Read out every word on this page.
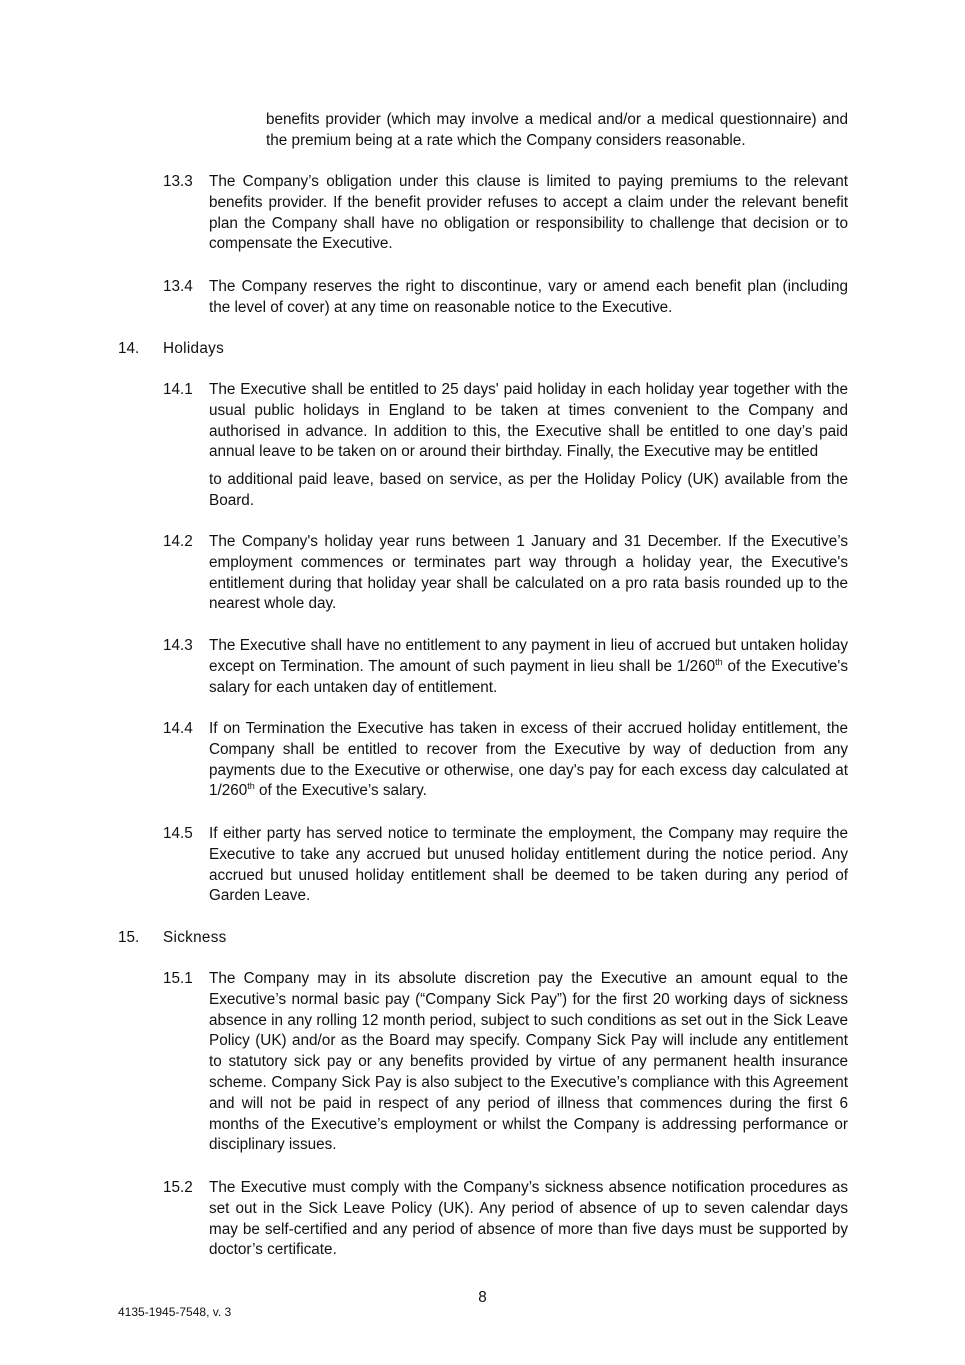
benefits provider (which may involve a medical and/or a medical questionnaire) and the premium being at a rate which the Company considers reasonable.
13.3 The Company’s obligation under this clause is limited to paying premiums to the relevant benefits provider. If the benefit provider refuses to accept a claim under the relevant benefit plan the Company shall have no obligation or responsibility to challenge that decision or to compensate the Executive.
13.4 The Company reserves the right to discontinue, vary or amend each benefit plan (including the level of cover) at any time on reasonable notice to the Executive.
14. Holidays
14.1 The Executive shall be entitled to 25 days' paid holiday in each holiday year together with the usual public holidays in England to be taken at times convenient to the Company and authorised in advance. In addition to this, the Executive shall be entitled to one day’s paid annual leave to be taken on or around their birthday. Finally, the Executive may be entitled
to additional paid leave, based on service, as per the Holiday Policy (UK) available from the Board.
14.2 The Company's holiday year runs between 1 January and 31 December. If the Executive’s employment commences or terminates part way through a holiday year, the Executive's entitlement during that holiday year shall be calculated on a pro rata basis rounded up to the nearest whole day.
14.3 The Executive shall have no entitlement to any payment in lieu of accrued but untaken holiday except on Termination. The amount of such payment in lieu shall be 1/260th of the Executive's salary for each untaken day of entitlement.
14.4 If on Termination the Executive has taken in excess of their accrued holiday entitlement, the Company shall be entitled to recover from the Executive by way of deduction from any payments due to the Executive or otherwise, one day's pay for each excess day calculated at 1/260th of the Executive’s salary.
14.5 If either party has served notice to terminate the employment, the Company may require the Executive to take any accrued but unused holiday entitlement during the notice period. Any accrued but unused holiday entitlement shall be deemed to be taken during any period of Garden Leave.
15. Sickness
15.1 The Company may in its absolute discretion pay the Executive an amount equal to the Executive’s normal basic pay (“Company Sick Pay”) for the first 20 working days of sickness absence in any rolling 12 month period, subject to such conditions as set out in the Sick Leave Policy (UK) and/or as the Board may specify. Company Sick Pay will include any entitlement to statutory sick pay or any benefits provided by virtue of any permanent health insurance scheme. Company Sick Pay is also subject to the Executive’s compliance with this Agreement and will not be paid in respect of any period of illness that commences during the first 6 months of the Executive’s employment or whilst the Company is addressing performance or disciplinary issues.
15.2 The Executive must comply with the Company’s sickness absence notification procedures as set out in the Sick Leave Policy (UK). Any period of absence of up to seven calendar days may be self-certified and any period of absence of more than five days must be supported by doctor’s certificate.
8
4135-1945-7548, v. 3
